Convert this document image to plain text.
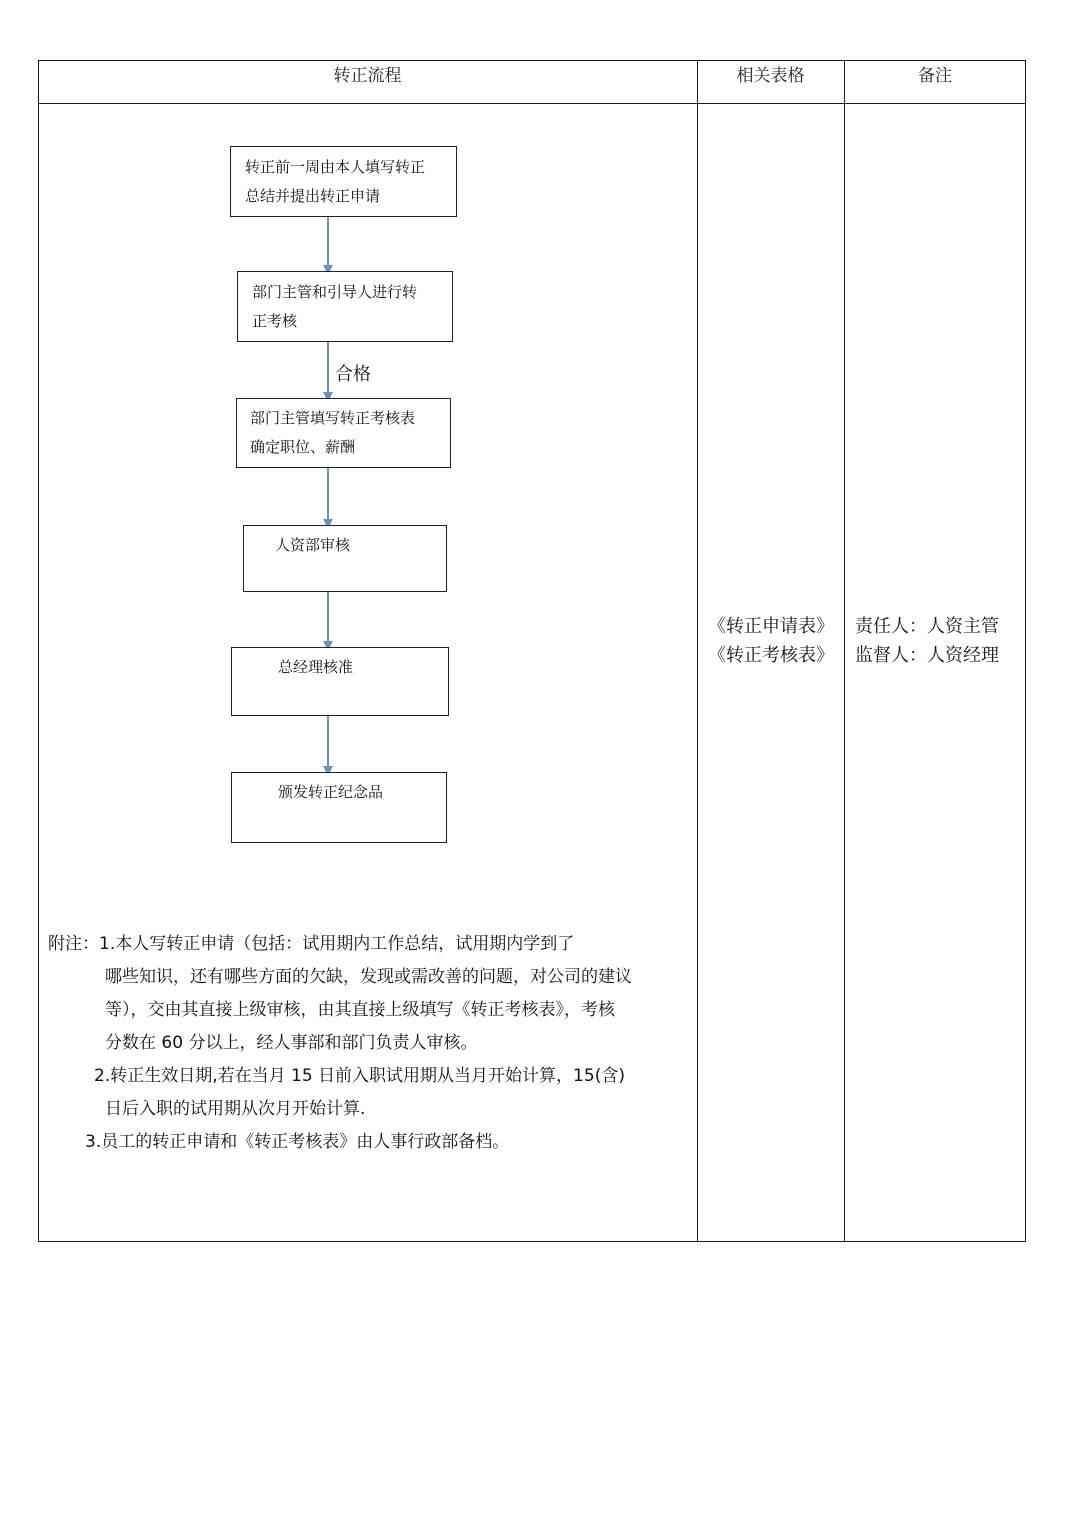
转正流程	相关表格	备注
转正前一周由本人填写转正
总结并提出转正申请
部门主管和引导人进行转
正考核
合格
部门主管填写转正考核表
确定职位、薪酬
人资部审核
总经理核准
颁发转正纪念品
《转正申请表》
《转正考核表》
责任人：人资主管
监督人：人资经理
附注：1.本人写转正申请（包括：试用期内工作总结，试用期内学到了
哪些知识，还有哪些方面的欠缺，发现或需改善的问题，对公司的建议
等），交由其直接上级审核，由其直接上级填写《转正考核表》，考核
分数在 60 分以上，经人事部和部门负责人审核。
2.转正生效日期,若在当月 15 日前入职试用期从当月开始计算，15(含)
日后入职的试用期从次月开始计算.
3.员工的转正申请和《转正考核表》由人事行政部备档。
